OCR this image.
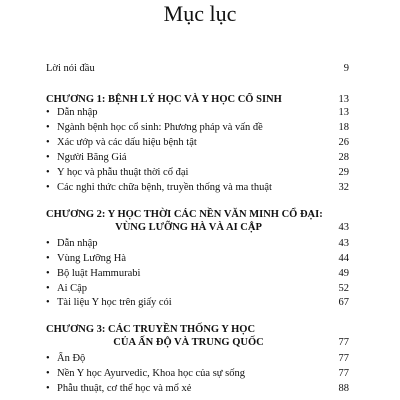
Mục lục
Lời nói đầu	9
CHƯƠNG 1: BỆNH LÝ HỌC VÀ Y HỌC CỔ SINH	13
• Dẫn nhập	13
• Ngành bệnh học cổ sinh: Phương pháp và vấn đề	18
• Xác ướp và các dấu hiệu bệnh tật	26
• Người Băng Giá	28
• Y học và phẫu thuật thời cổ đại	29
• Các nghi thức chữa bệnh, truyền thống và ma thuật	32
CHƯƠNG 2: Y HỌC THỜI CÁC NỀN VĂN MINH CỔ ĐẠI:
VÙNG LƯỠNG HÀ VÀ AI CẬP	43
• Dẫn nhập	43
• Vùng Lưỡng Hà	44
• Bộ luật Hammurabi	49
• Ai Cập	52
• Tài liệu Y học trên giấy cói	67
CHƯƠNG 3: CÁC TRUYỀN THỐNG Y HỌC
CỦA ẤN ĐỘ VÀ TRUNG QUỐC	77
• Ấn Độ	77
• Nền Y học Ayurvedic, Khoa học của sự sống	77
• Phẫu thuật, cơ thể học và mổ xẻ	88
